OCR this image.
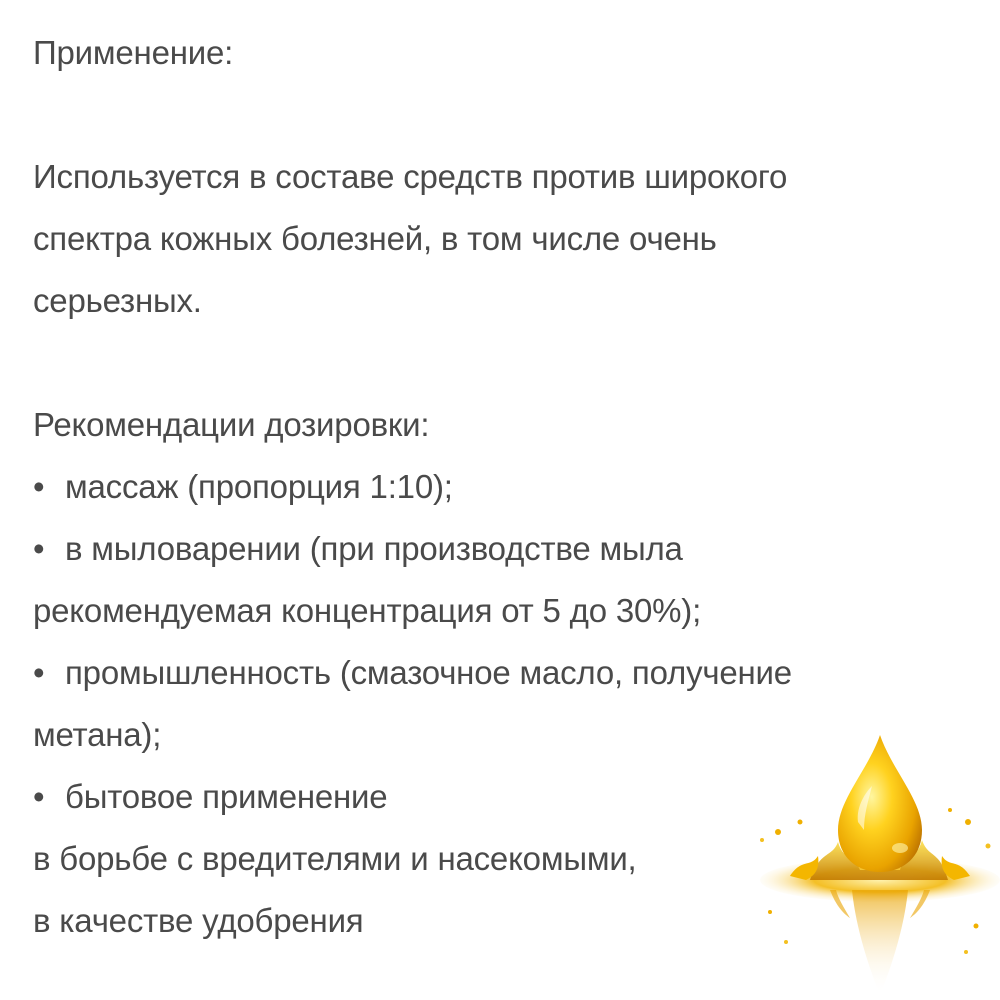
Применение:
Используется в составе средств против широкого
спектра кожных болезней, в том числе очень
серьезных.
Рекомендации дозировки:
• массаж (пропорция 1:10);
• в мыловарении (при производстве мыла
рекомендуемая концентрация от 5 до 30%);
• промышленность (смазочное масло, получение
метана);
• бытовое применение
в борьбе с вредителями и насекомыми,
в качестве удобрения
